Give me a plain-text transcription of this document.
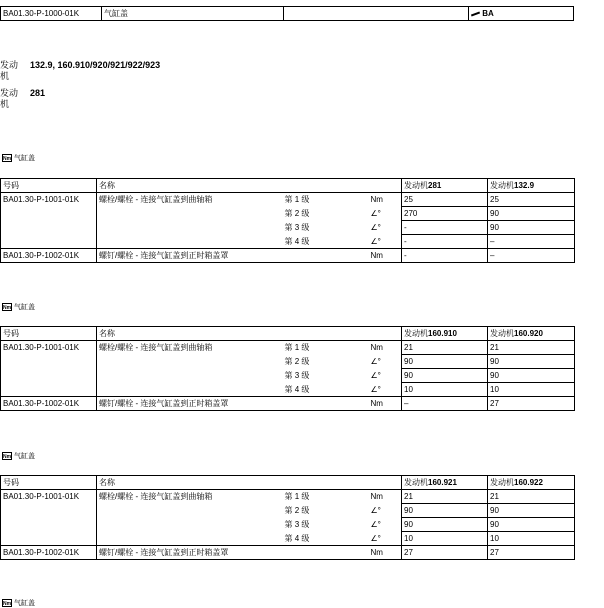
BA01.30-P-1000-01K	气缸盖		BA
发动机
132.9, 160.910/920/921/922/923
发动机
281
Nm 气缸盖
号码	名称			发动机281	发动机132.9
BA01.30-P-1001-01K	螺栓/螺栓 - 连接气缸盖到曲轴箱	第 1 级	Nm	25	25
		第 2 级	∠°	270	90
		第 3 级	∠°	-	90
		第 4 级	∠°	-	–
BA01.30-P-1002-01K	螺钉/螺栓 - 连接气缸盖到正时箱盖罩		Nm	-	–
Nm 气缸盖
号码	名称			发动机160.910	发动机160.920
BA01.30-P-1001-01K	螺栓/螺栓 - 连接气缸盖到曲轴箱	第 1 级	Nm	21	21
		第 2 级	∠°	90	90
		第 3 级	∠°	90	90
		第 4 级	∠°	10	10
BA01.30-P-1002-01K	螺钉/螺栓 - 连接气缸盖到正时箱盖罩		Nm	–	27
Nm 气缸盖
号码	名称			发动机160.921	发动机160.922
BA01.30-P-1001-01K	螺栓/螺栓 - 连接气缸盖到曲轴箱	第 1 级	Nm	21	21
		第 2 级	∠°	90	90
		第 3 级	∠°	90	90
		第 4 级	∠°	10	10
BA01.30-P-1002-01K	螺钉/螺栓 - 连接气缸盖到正时箱盖罩		Nm	27	27
Nm 气缸盖
